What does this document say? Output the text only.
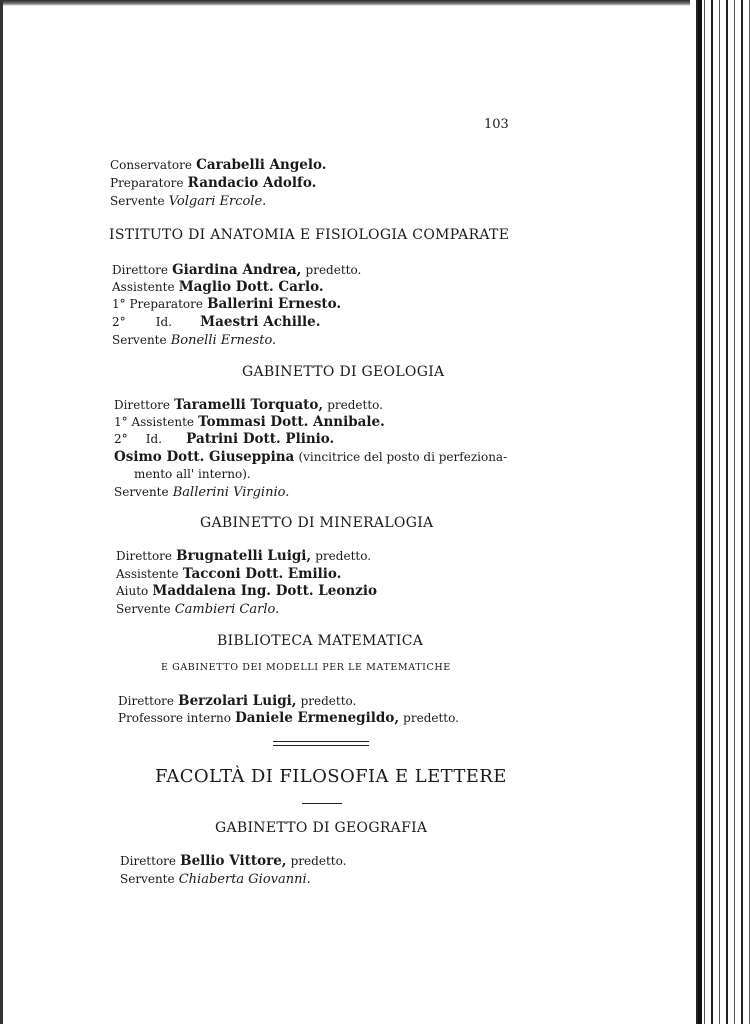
103
Conservatore Carabelli Angelo.
Preparatore Randacio Adolfo.
Servente Volgari Ercole.
ISTITUTO DI ANATOMIA E FISIOLOGIA COMPARATE
Direttore Giardina Andrea, predetto.
Assistente Maglio Dott. Carlo.
1° Preparatore Ballerini Ernesto.
2°	Id. Maestri Achille.
Servente Bonelli Ernesto.
GABINETTO DI GEOLOGIA
Direttore Taramelli Torquato, predetto.
1° Assistente Tommasi Dott. Annibale.
2° Id. Patrini Dott. Plinio.
Osimo Dott. Giuseppina (vincitrice del posto di perfeziona-
mento all' interno).
Servente Ballerini Virginio.
GABINETTO DI MINERALOGIA
Direttore Brugnatelli Luigi, predetto.
Assistente Tacconi Dott. Emilio.
Aiuto Maddalena Ing. Dott. Leonzio
Servente Cambieri Carlo.
BIBLIOTECA MATEMATICA
E GABINETTO DEI MODELLI PER LE MATEMATICHE
Direttore Berzolari Luigi, predetto.
Professore interno Daniele Ermenegildo, predetto.
FACOLTÀ DI FILOSOFIA E LETTERE
GABINETTO DI GEOGRAFIA
Direttore Bellio Vittore, predetto.
Servente Chiaberta Giovanni.
